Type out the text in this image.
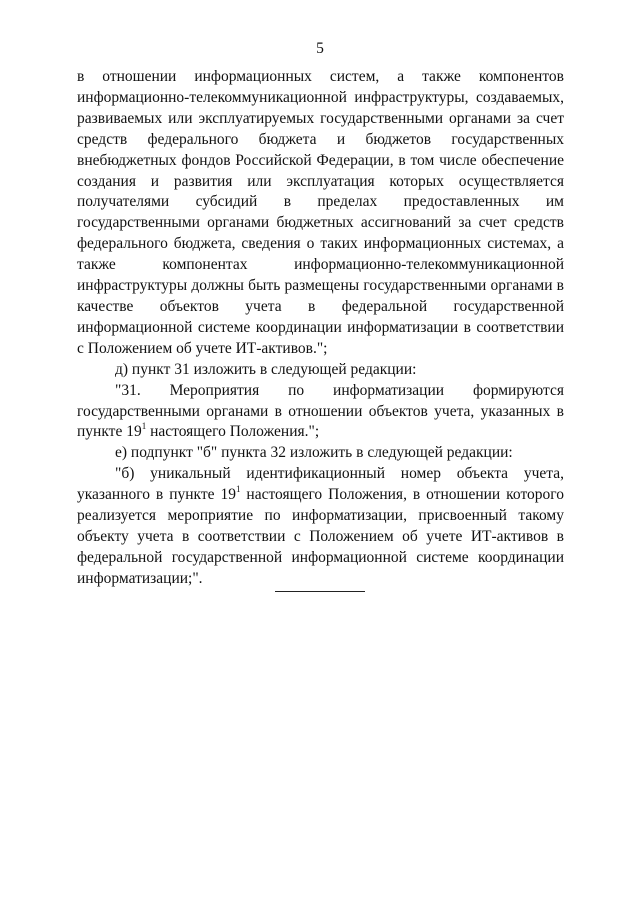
5

в отношении информационных систем, а также компонентов информационно-телекоммуникационной инфраструктуры, создаваемых, развиваемых или эксплуатируемых государственными органами за счет средств федерального бюджета и бюджетов государственных внебюджетных фондов Российской Федерации, в том числе обеспечение создания и развития или эксплуатация которых осуществляется получателями субсидий в пределах предоставленных им государственными органами бюджетных ассигнований за счет средств федерального бюджета, сведения о таких информационных системах, а также компонентах информационно-телекоммуникационной инфраструктуры должны быть размещены государственными органами в качестве объектов учета в федеральной государственной информационной системе координации информатизации в соответствии с Положением об учете ИТ-активов.";

д) пункт 31 изложить в следующей редакции:

"31. Мероприятия по информатизации формируются государственными органами в отношении объектов учета, указанных в пункте $19^1$ настоящего Положения.";

е) подпункт "б" пункта 32 изложить в следующей редакции:

"б) уникальный идентификационный номер объекта учета, указанного в пункте $19^1$ настоящего Положения, в отношении которого реализуется мероприятие по информатизации, присвоенный такому объекту учета в соответствии с Положением об учете ИТ-активов в федеральной государственной информационной системе координации информатизации;".
